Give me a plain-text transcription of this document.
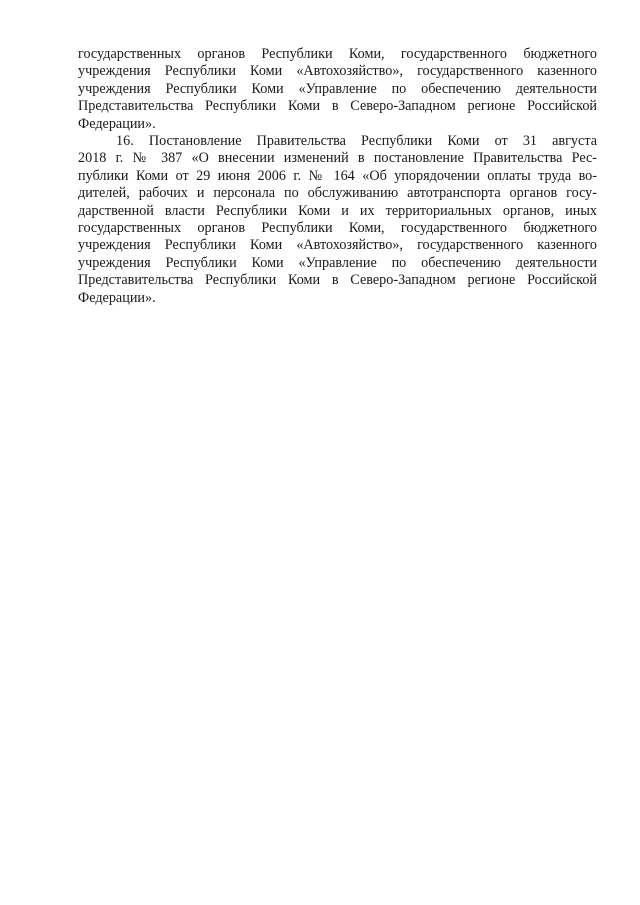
государственных органов Республики Коми, государственного бюджетного
учреждения Республики Коми «Автохозяйство», государственного казенного
учреждения Республики Коми «Управление по обеспечению деятельности
Представительства Республики Коми в Северо-Западном регионе Российской
Федерации».
16. Постановление Правительства Республики Коми от 31 августа
2018 г. № 387 «О внесении изменений в постановление Правительства Рес-
публики Коми от 29 июня 2006 г. № 164 «Об упорядочении оплаты труда во-
дителей, рабочих и персонала по обслуживанию автотранспорта органов госу-
дарственной власти Республики Коми и их территориальных органов, иных
государственных органов Республики Коми, государственного бюджетного
учреждения Республики Коми «Автохозяйство», государственного казенного
учреждения Республики Коми «Управление по обеспечению деятельности
Представительства Республики Коми в Северо-Западном регионе Российской
Федерации».
